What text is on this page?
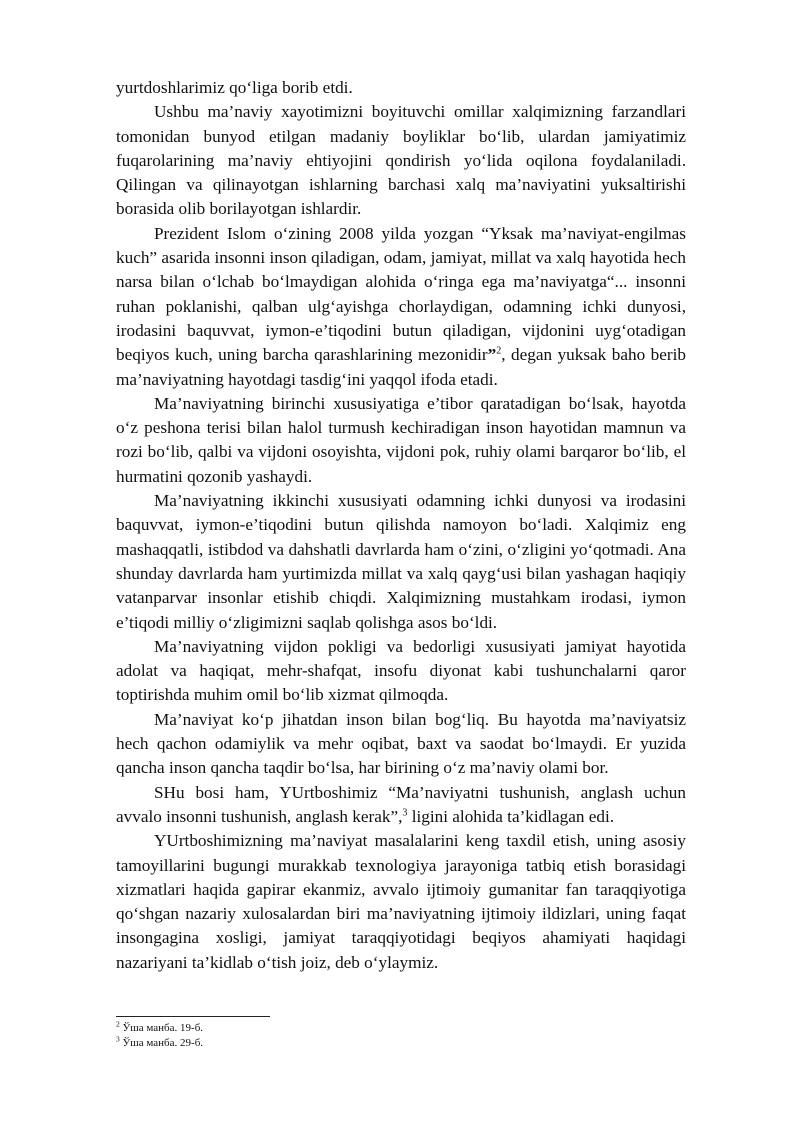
yurtdoshlarimiz qo‘liga borib etdi.

Ushbu ma’naviy xayotimizni boyituvchi omillar xalqimizning farzandlari tomonidan bunyod etilgan madaniy boyliklar bo‘lib, ulardan jamiyatimiz fuqarolarining ma’naviy ehtiyojini qondirish yo‘lida oqilona foydalaniladi. Qilingan va qilinayotgan ishlarning barchasi xalq ma’naviyatini yuksaltirishi borasida olib borilayotgan ishlardir.

Prezident Islom o‘zining 2008 yilda yozgan “Yksak ma’naviyat-engilmas kuch” asarida insonni inson qiladigan, odam, jamiyat, millat va xalq hayotida hech narsa bilan o‘lchab bo‘lmaydigan alohida o‘ringa ega ma’naviyatga“... insonni ruhan poklanishi, qalban ulg‘ayishga chorlaydigan, odamning ichki dunyosi, irodasini baquvvat, iymon-e’tiqodini butun qiladigan, vijdonini uyg‘otadigan beqiyos kuch, uning barcha qarashlarining mezonidir”$^2$, degan yuksak baho berib ma’naviyatning hayotdagi tasdig‘ini yaqqol ifoda etadi.

Ma’naviyatning birinchi xususiyatiga e’tibor qaratadigan bo‘lsak, hayotda o‘z peshona terisi bilan halol turmush kechiradigan inson hayotidan mamnun va rozi bo‘lib, qalbi va vijdoni osoyishta, vijdoni pok, ruhiy olami barqaror bo‘lib, el hurmatini qozonib yashaydi.

Ma’naviyatning ikkinchi xususiyati odamning ichki dunyosi va irodasini baquvvat, iymon-e’tiqodini butun qilishda namoyon bo‘ladi. Xalqimiz eng mashaqqatli, istibdod va dahshatli davrlarda ham o‘zini, o‘zligini yo‘qotmadi. Ana shunday davrlarda ham yurtimizda millat va xalq qayg‘usi bilan yashagan haqiqiy vatanparvar insonlar etishib chiqdi. Xalqimizning mustahkam irodasi, iymon e’tiqodi milliy o‘zligimizni saqlab qolishga asos bo‘ldi.

Ma’naviyatning vijdon pokligi va bedorligi xususiyati jamiyat hayotida adolat va haqiqat, mehr-shafqat, insofu diyonat kabi tushunchalarni qaror toptirishda muhim omil bo‘lib xizmat qilmoqda.

Ma’naviyat ko‘p jihatdan inson bilan bog‘liq. Bu hayotda ma’naviyatsiz hech qachon odamiylik va mehr oqibat, baxt va saodat bo‘lmaydi. Er yuzida qancha inson qancha taqdir bo‘lsa, har birining o‘z ma’naviy olami bor.

SHu bosi ham, YUrtboshimiz “Ma’naviyatni tushunish, anglash uchun avvalo insonni tushunish, anglash kerak”,$^3$ ligini alohida ta’kidlagan edi.

YUrtboshimizning ma’naviyat masalalarini keng taxdil etish, uning asosiy tamoyillarini bugungi murakkab texnologiya jarayoniga tatbiq etish borasidagi xizmatlari haqida gapirar ekanmiz, avvalo ijtimoiy gumanitar fan taraqqiyotiga qo‘shgan nazariy xulosalardan biri ma’naviyatning ijtimoiy ildizlari, uning faqat insongagina xosligi, jamiyat taraqqiyotidagi beqiyos ahamiyati haqidagi nazariyani ta’kidlab o‘tish joiz, deb o‘ylaymiz.

$^2$ Ўша манба. 19-б.

$^3$ Ўша манба. 29-б.
